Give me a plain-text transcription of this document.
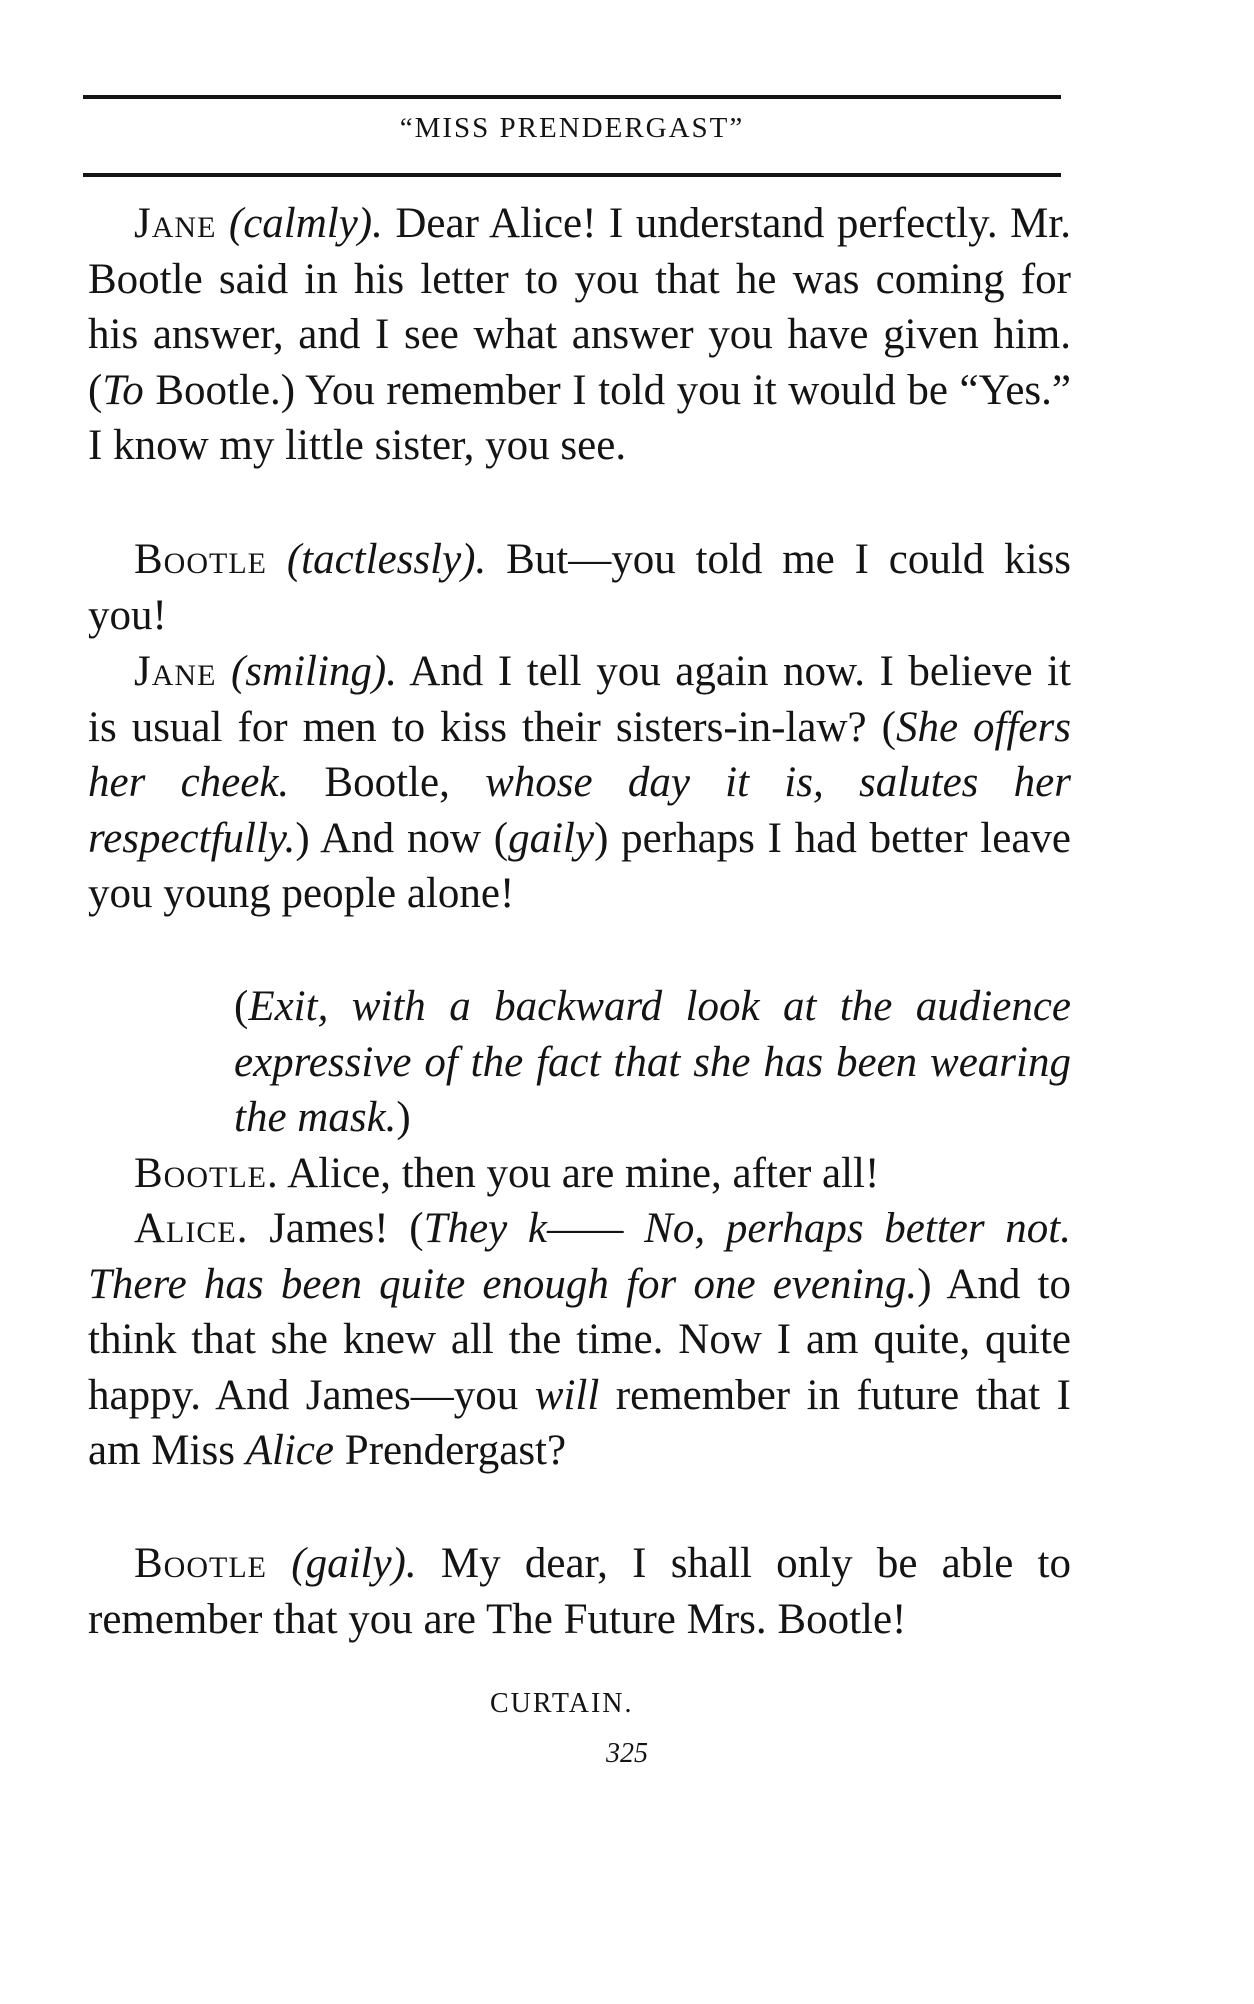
“MISS PRENDERGAST”
Jane (calmly). Dear Alice! I understand perfectly. Mr. Bootle said in his letter to you that he was coming for his answer, and I see what answer you have given him. (To Bootle.) You remember I told you it would be “Yes.” I know my little sister, you see.
Bootle (tactlessly). But—you told me I could kiss you!
Jane (smiling). And I tell you again now. I believe it is usual for men to kiss their sisters-in-law? (She offers her cheek. Bootle, whose day it is, salutes her respectfully.) And now (gaily) perhaps I had better leave you young people alone!
(Exit, with a backward look at the audience expressive of the fact that she has been wearing the mask.)
Bootle. Alice, then you are mine, after all!
Alice. James! (They k—— No, perhaps better not. There has been quite enough for one evening.) And to think that she knew all the time. Now I am quite, quite happy. And James—you will remember in future that I am Miss Alice Prendergast?
Bootle (gaily). My dear, I shall only be able to remember that you are The Future Mrs. Bootle!
CURTAIN.
325
